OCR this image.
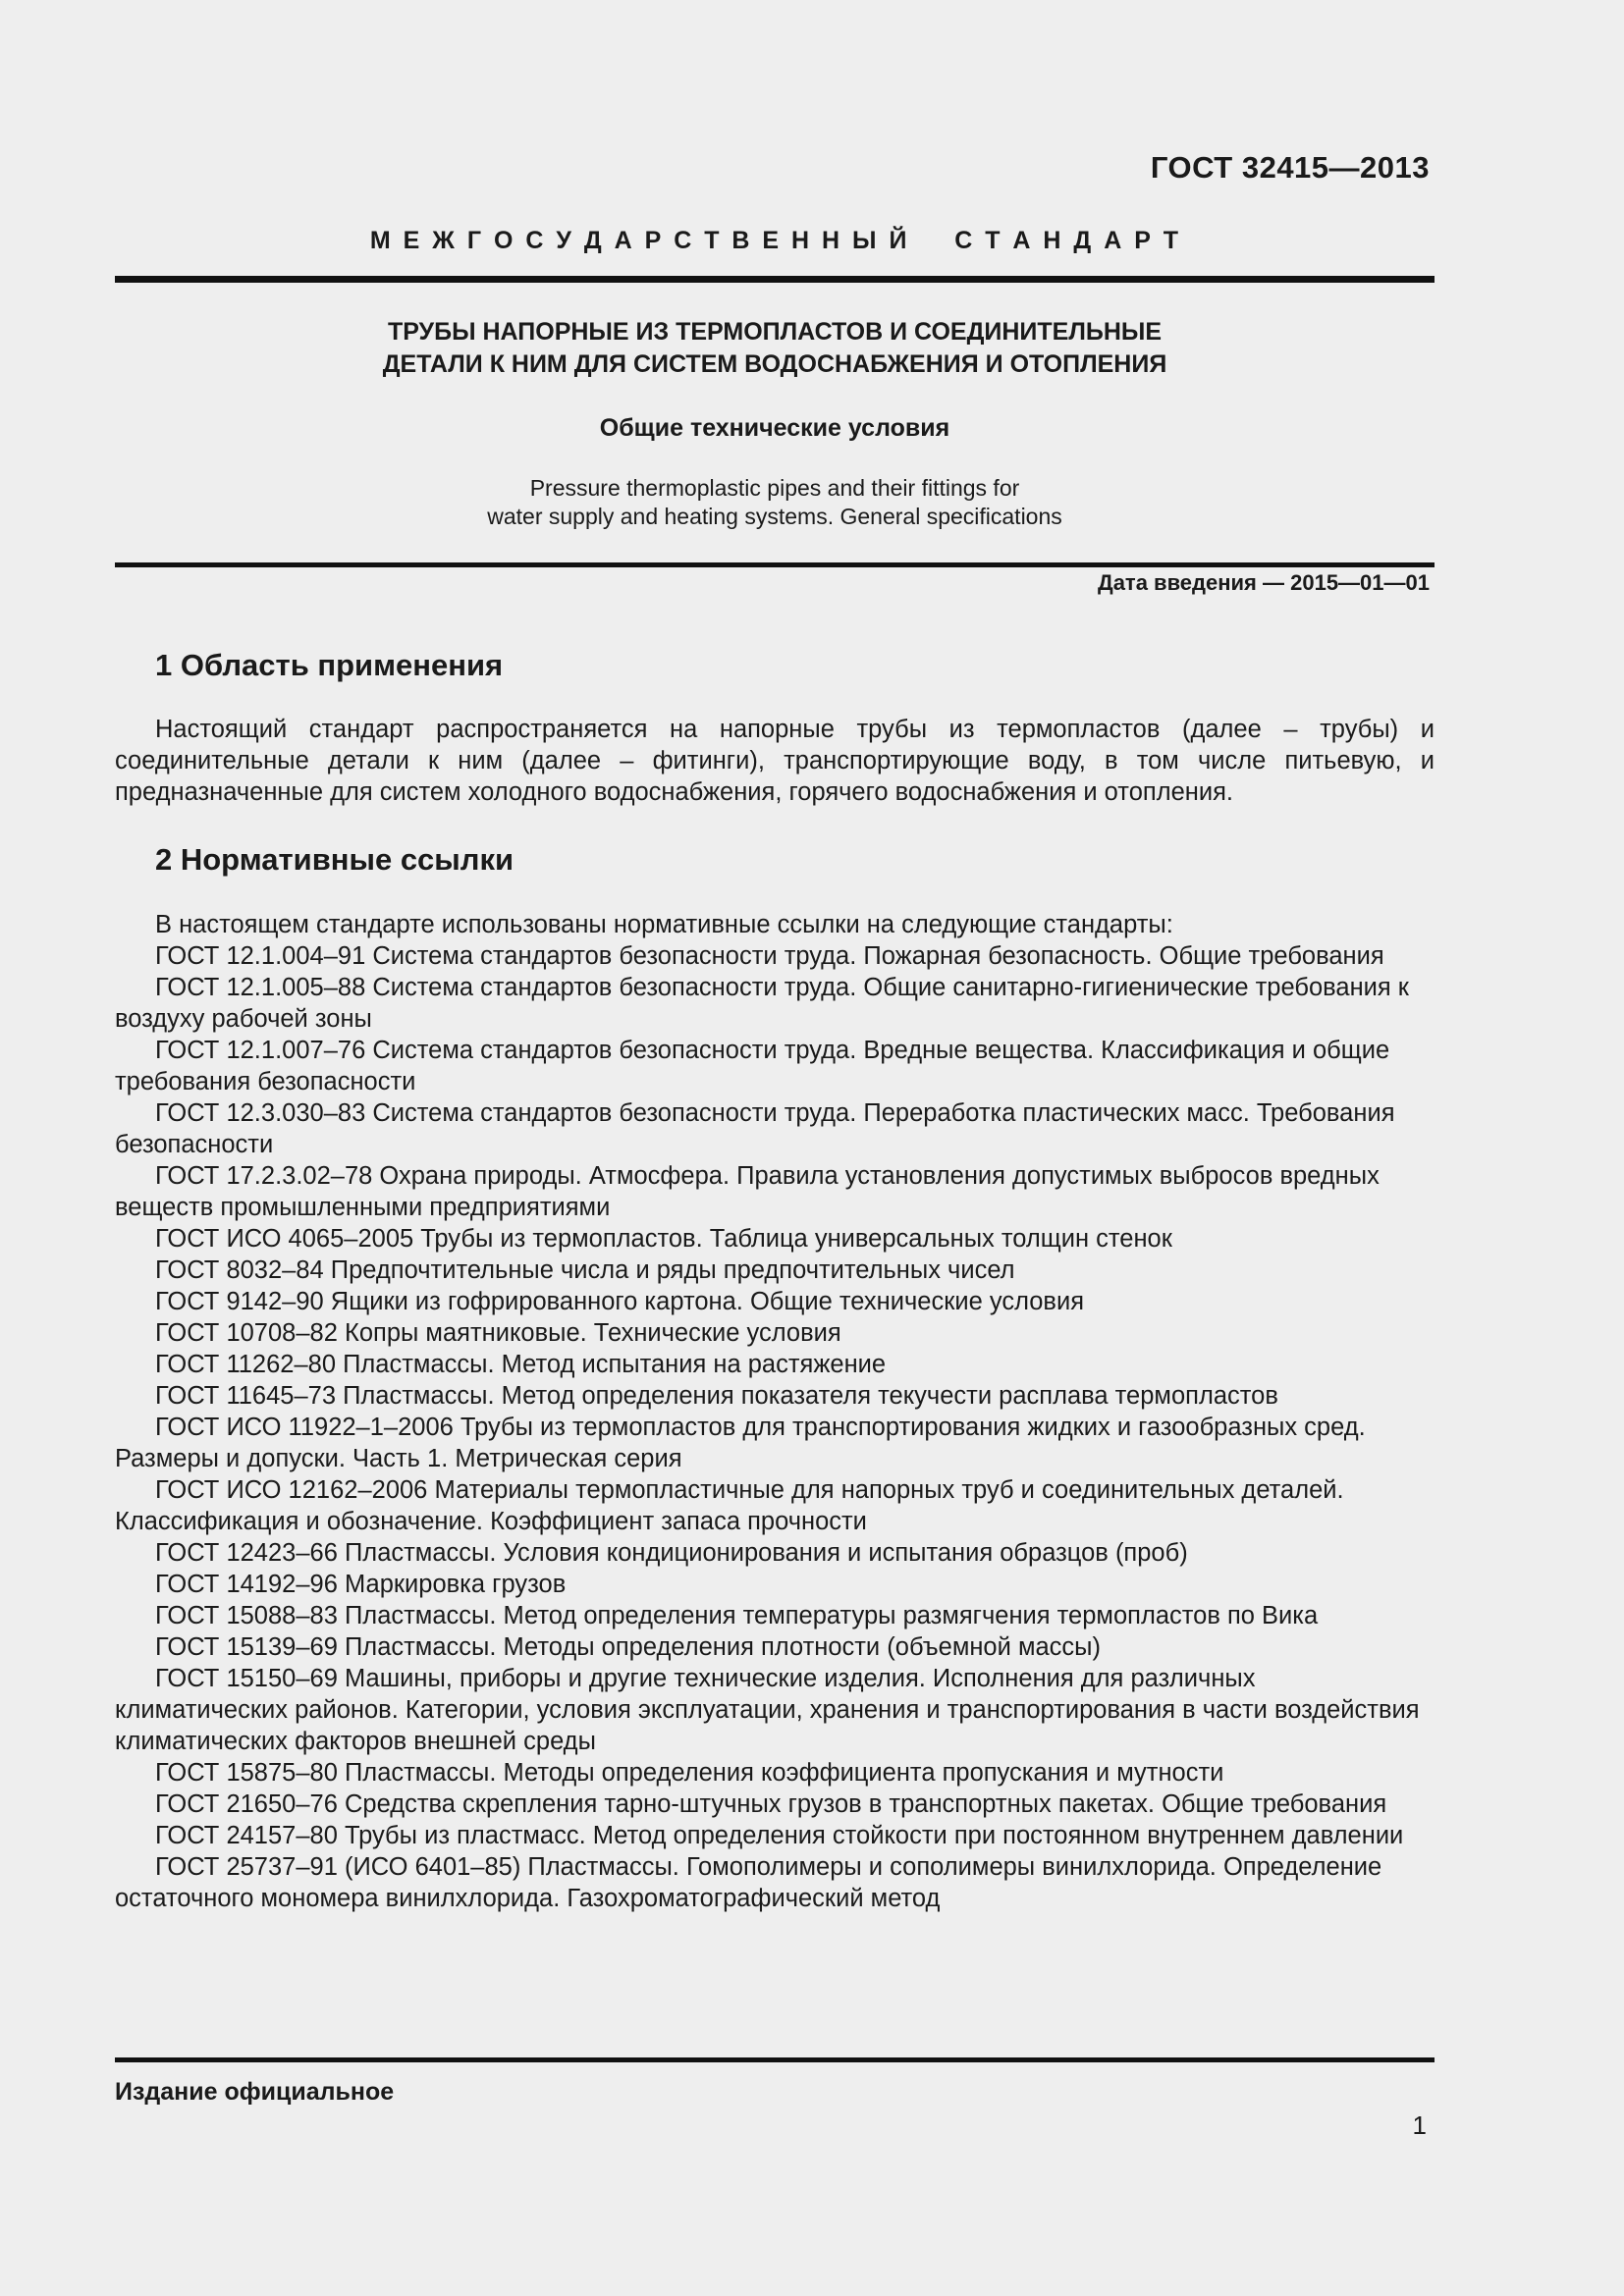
ГОСТ 32415—2013
М Е Ж Г О С У Д А Р С Т В Е Н Н Ы Й    С Т А Н Д А Р Т
ТРУБЫ НАПОРНЫЕ ИЗ ТЕРМОПЛАСТОВ И СОЕДИНИТЕЛЬНЫЕ
ДЕТАЛИ К НИМ ДЛЯ СИСТЕМ ВОДОСНАБЖЕНИЯ И ОТОПЛЕНИЯ
Общие технические условия
Pressure thermoplastic pipes and their fittings for
water supply and heating systems. General specifications
Дата введения — 2015—01—01
1 Область применения

Настоящий стандарт распространяется на напорные трубы из термопластов (далее – трубы) и соединительные детали к ним (далее – фитинги), транспортирующие воду, в том числе питьевую, и предназначенные для систем холодного водоснабжения, горячего водоснабжения и отопления.

2 Нормативные ссылки

В настоящем стандарте использованы нормативные ссылки на следующие стандарты:

ГОСТ 12.1.004–91 Система стандартов безопасности труда. Пожарная безопасность. Общие требования

ГОСТ 12.1.005–88 Система стандартов безопасности труда. Общие санитарно-гигиенические требования к воздуху рабочей зоны

ГОСТ 12.1.007–76 Система стандартов безопасности труда. Вредные вещества. Классификация и общие требования безопасности

ГОСТ 12.3.030–83 Система стандартов безопасности труда. Переработка пластических масс. Требования безопасности

ГОСТ 17.2.3.02–78 Охрана природы. Атмосфера. Правила установления допустимых выбросов вредных веществ промышленными предприятиями

ГОСТ ИСО 4065–2005 Трубы из термопластов. Таблица универсальных толщин стенок

ГОСТ 8032–84 Предпочтительные числа и ряды предпочтительных чисел

ГОСТ 9142–90 Ящики из гофрированного картона. Общие технические условия

ГОСТ 10708–82 Копры маятниковые. Технические условия

ГОСТ 11262–80 Пластмассы. Метод испытания на растяжение

ГОСТ 11645–73 Пластмассы. Метод определения показателя текучести расплава термопластов

ГОСТ ИСО 11922–1–2006 Трубы из термопластов для транспортирования жидких и газообразных сред. Размеры и допуски. Часть 1. Метрическая серия

ГОСТ ИСО 12162–2006 Материалы термопластичные для напорных труб и соединительных деталей. Классификация и обозначение. Коэффициент запаса прочности

ГОСТ 12423–66 Пластмассы. Условия кондиционирования и испытания образцов (проб)

ГОСТ 14192–96 Маркировка грузов

ГОСТ 15088–83 Пластмассы. Метод определения температуры размягчения термопластов по Вика

ГОСТ 15139–69 Пластмассы. Методы определения плотности (объемной массы)

ГОСТ 15150–69 Машины, приборы и другие технические изделия. Исполнения для различных климатических районов. Категории, условия эксплуатации, хранения и транспортирования в части воздействия климатических факторов внешней среды

ГОСТ 15875–80 Пластмассы. Методы определения коэффициента пропускания и мутности

ГОСТ 21650–76 Средства скрепления тарно-штучных грузов в транспортных пакетах. Общие требования

ГОСТ 24157–80 Трубы из пластмасс. Метод определения стойкости при постоянном внутреннем давлении

ГОСТ 25737–91 (ИСО 6401–85) Пластмассы. Гомополимеры и сополимеры винилхлорида. Определение остаточного мономера винилхлорида. Газохроматографический метод

Издание официальное
1
